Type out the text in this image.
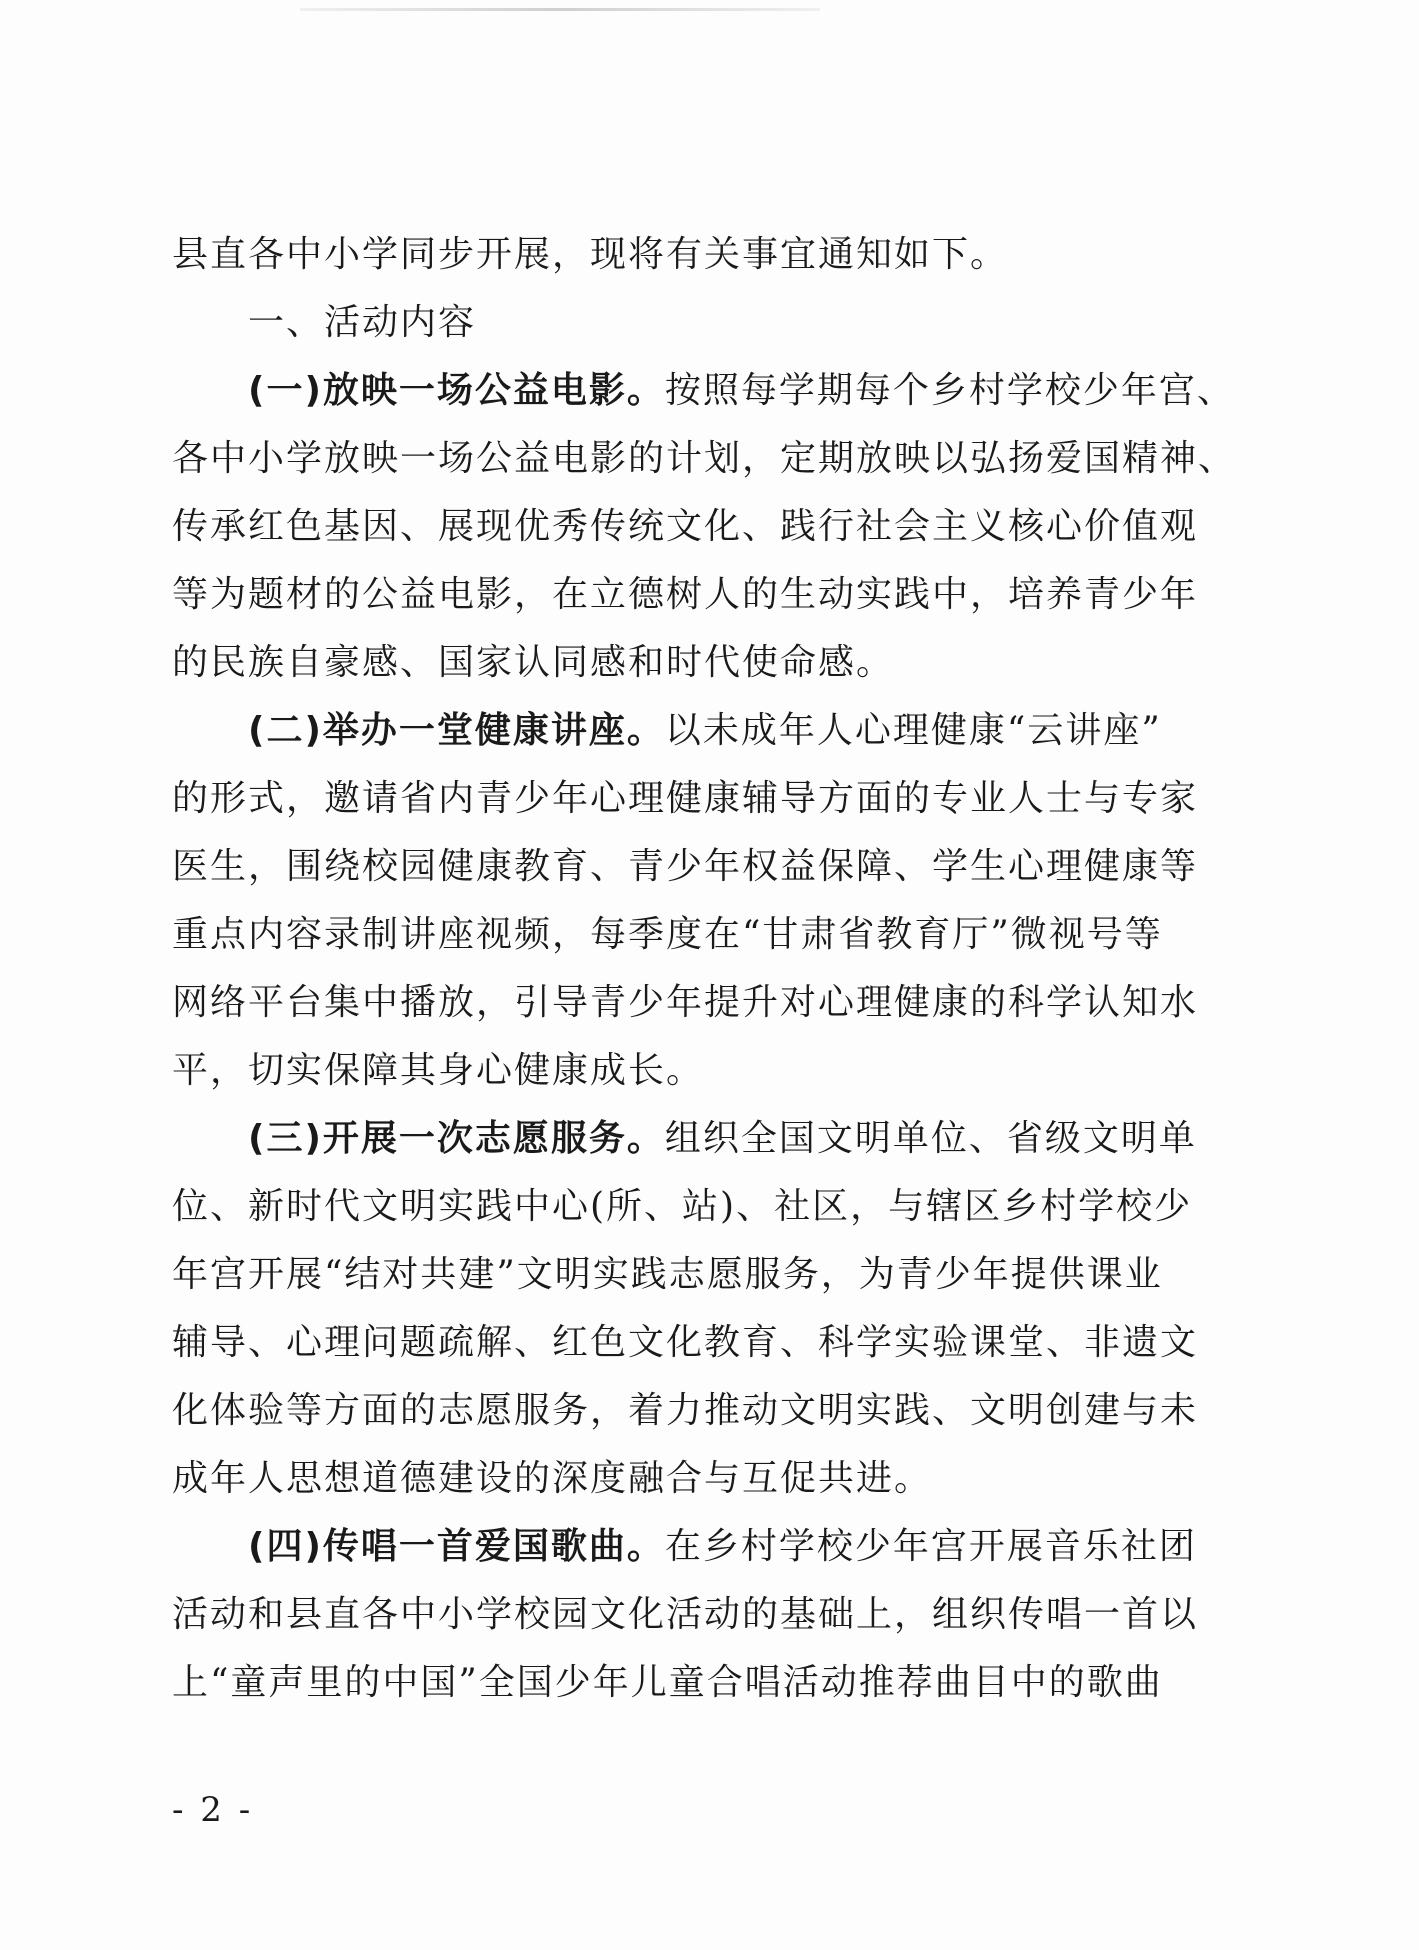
县直各中小学同步开展，现将有关事宜通知如下。
一、活动内容
(一)放映一场公益电影。按照每学期每个乡村学校少年宫、
各中小学放映一场公益电影的计划，定期放映以弘扬爱国精神、
传承红色基因、展现优秀传统文化、践行社会主义核心价值观
等为题材的公益电影，在立德树人的生动实践中，培养青少年
的民族自豪感、国家认同感和时代使命感。
(二)举办一堂健康讲座。以未成年人心理健康“云讲座”
的形式，邀请省内青少年心理健康辅导方面的专业人士与专家
医生，围绕校园健康教育、青少年权益保障、学生心理健康等
重点内容录制讲座视频，每季度在“甘肃省教育厅”微视号等
网络平台集中播放，引导青少年提升对心理健康的科学认知水
平，切实保障其身心健康成长。
(三)开展一次志愿服务。组织全国文明单位、省级文明单
位、新时代文明实践中心(所、站)、社区，与辖区乡村学校少
年宫开展“结对共建”文明实践志愿服务，为青少年提供课业
辅导、心理问题疏解、红色文化教育、科学实验课堂、非遗文
化体验等方面的志愿服务，着力推动文明实践、文明创建与未
成年人思想道德建设的深度融合与互促共进。
(四)传唱一首爱国歌曲。在乡村学校少年宫开展音乐社团
活动和县直各中小学校园文化活动的基础上，组织传唱一首以
上“童声里的中国”全国少年儿童合唱活动推荐曲目中的歌曲
- 2 -
